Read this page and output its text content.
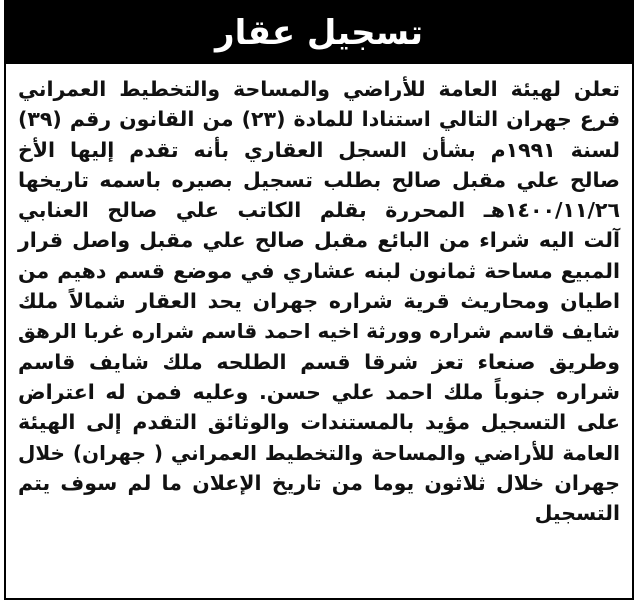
تسجيل عقار
تعلن لهيئة العامة للأراضي والمساحة والتخطيط العمراني
فرع جهران التالي استنادا للمادة (٢٣) من القانون رقم (٣٩)
لسنة ١٩٩١م بشأن السجل العقاري بأنه تقدم إليها الأخ
صالح علي مقبل صالح بطلب تسجيل بصيره باسمه تاريخها
١٤٠٠/١١/٢٦هـ المحررة بقلم الكاتب علي صالح العنابي
آلت اليه شراء من البائع مقبل صالح علي مقبل واصل قرار
المبيع مساحة ثمانون لبنه عشاري في موضع قسم دهيم من
اطيان ومحاريث قرية شراره جهران يحد العقار شمالاً ملك
شايف قاسم شراره وورثة اخيه احمد قاسم شراره غربا الرهق
وطريق صنعاء تعز شرقا قسم الطلحه ملك شايف قاسم
شراره جنوباً ملك احمد علي حسن. وعليه فمن له اعتراض
على التسجيل مؤيد بالمستندات والوثائق التقدم إلى الهيئة
العامة للأراضي والمساحة والتخطيط العمراني ( جهران) خلال
جهران خلال ثلاثون يوما من تاريخ الإعلان ما لم سوف يتم
التسجيل
